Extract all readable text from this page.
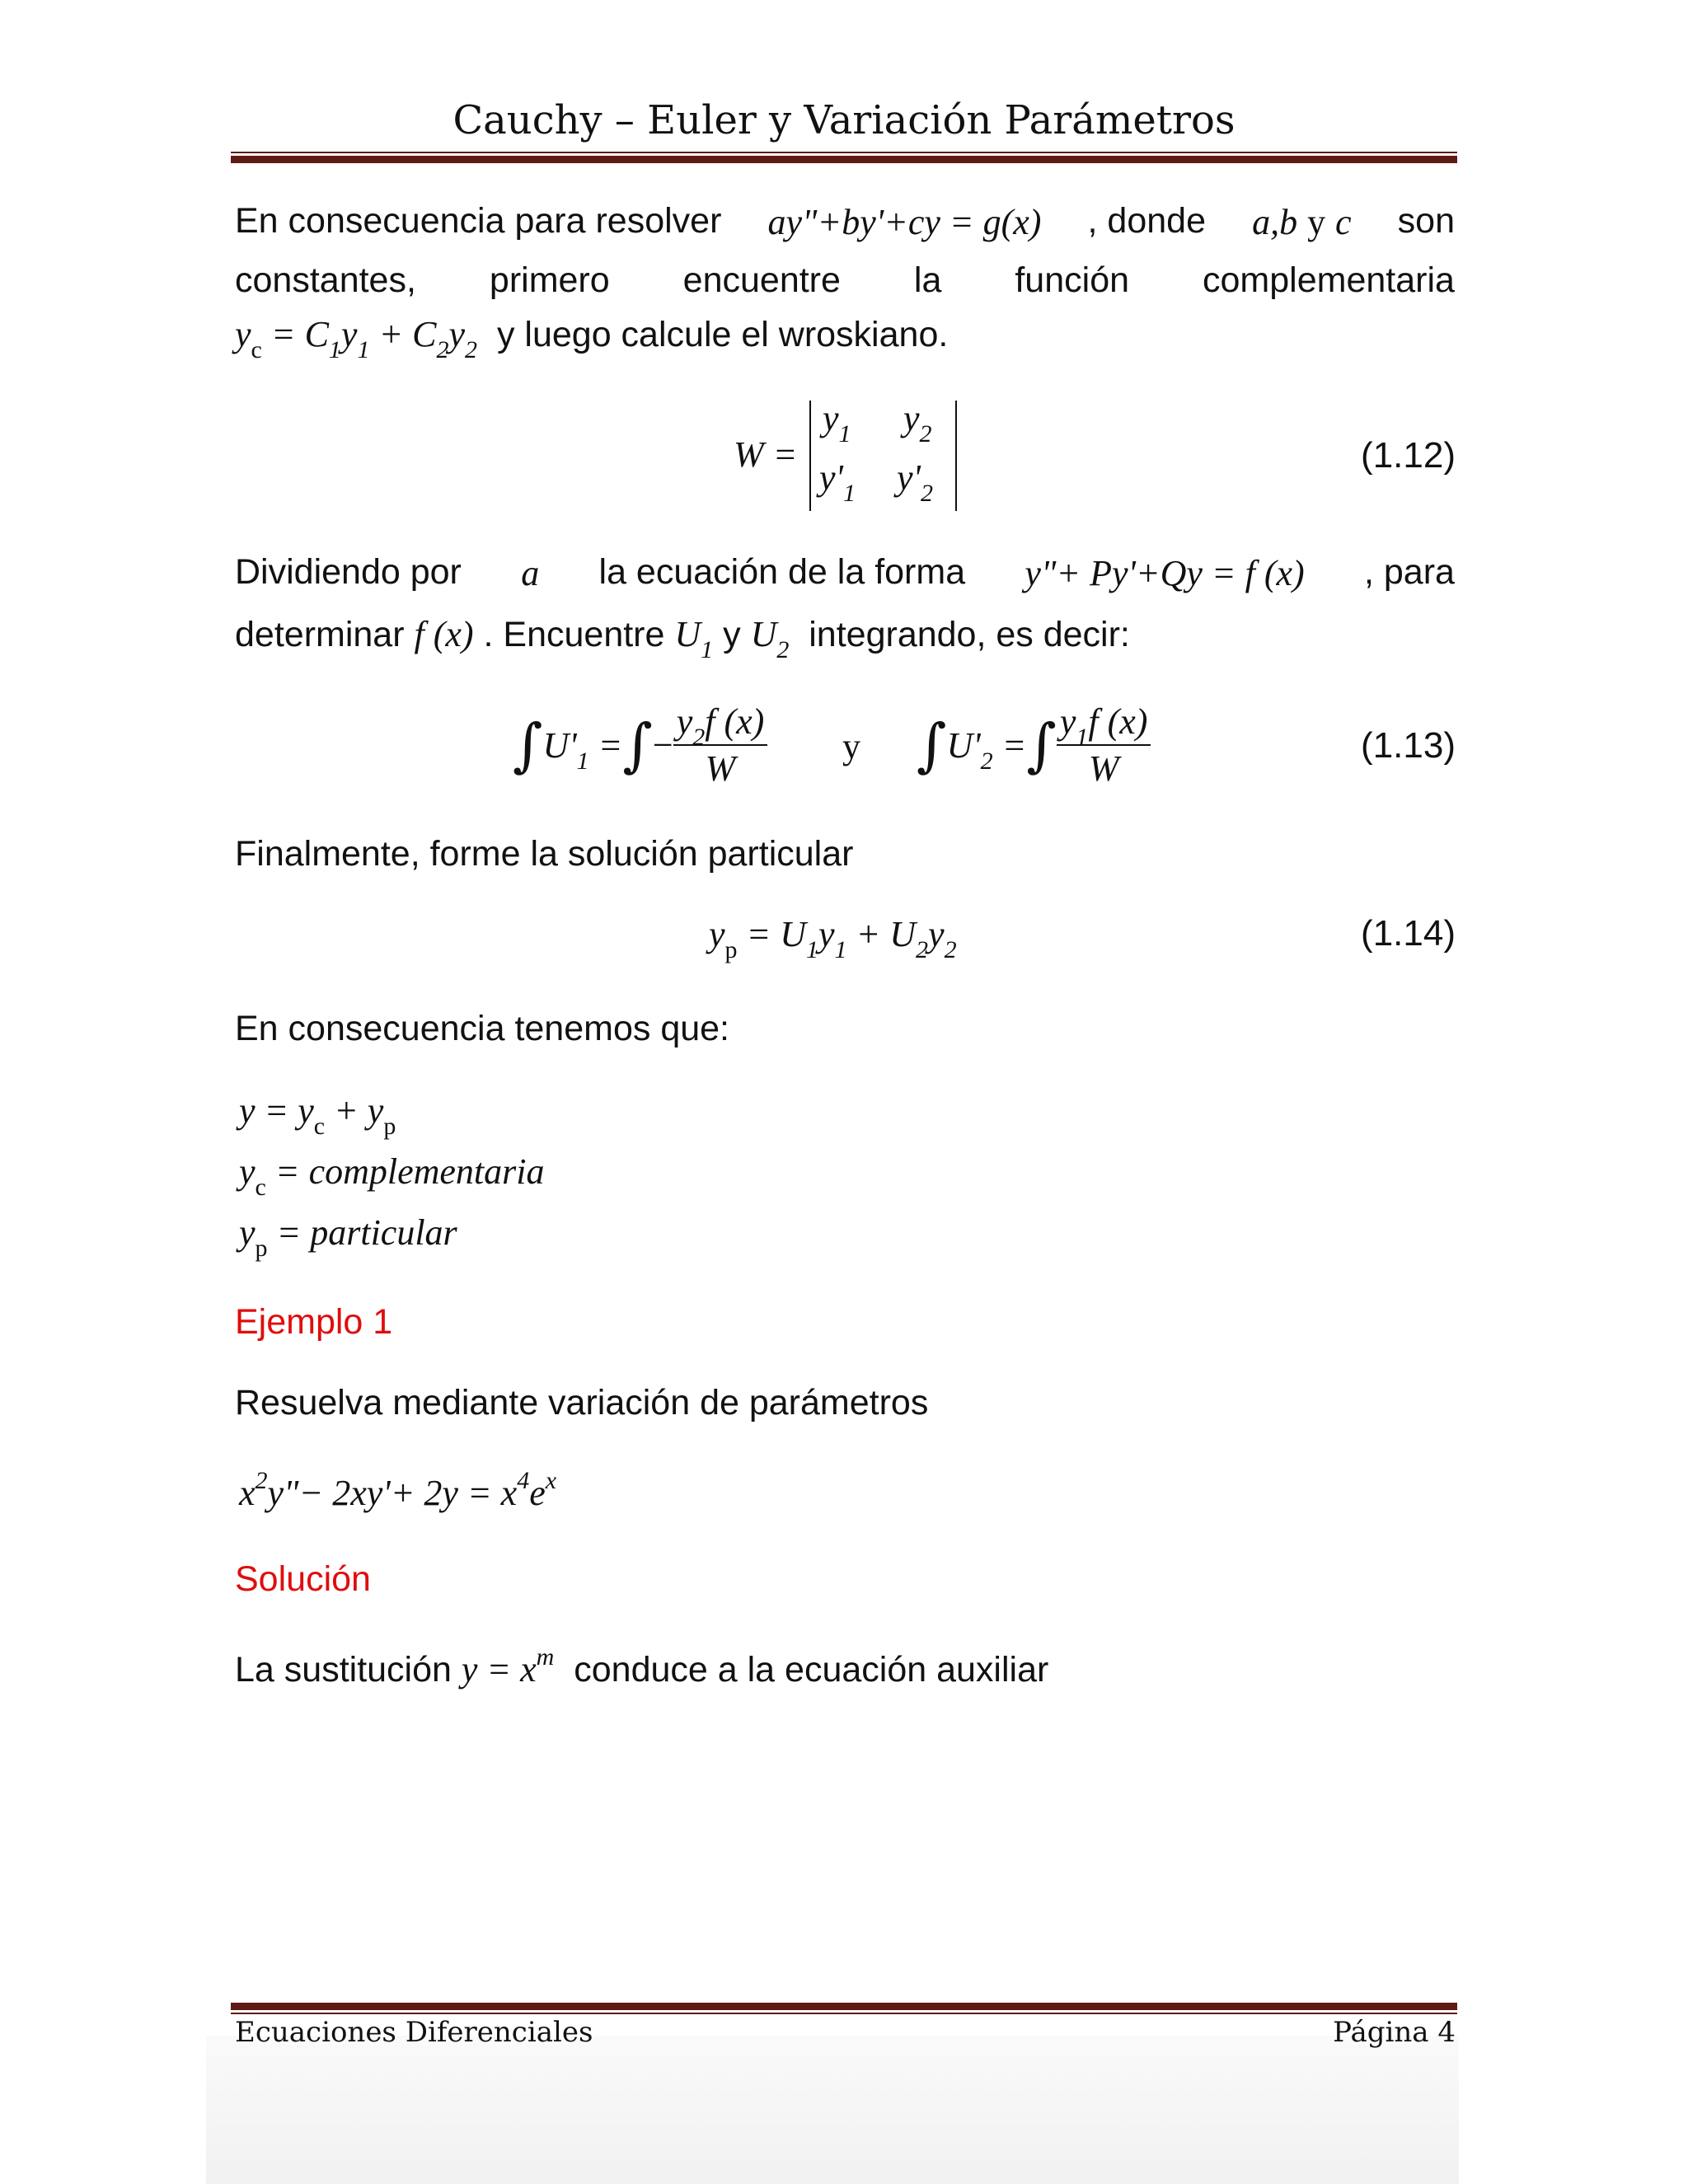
Cauchy – Euler y Variación Parámetros
En consecuencia para resolver ay"+by'+cy = g(x) , donde a,b y c son
constantes, primero encuentre la función complementaria
$y_c = C_1y_1 + C_2y_2$ y luego calcule el wroskiano.
W =
$y_1$ $y_2$
$y'_1$ $y'_2$
(1.12)
Dividiendo por a la ecuación de la forma y"+ Py'+Qy = f (x) , para
determinar f (x) . Encuentre $U_1$ y $U_2$ integrando, es decir:
$\int U'_1$ =∫− $\frac{y_2f (x)}{W}$ y $\int U'_2$ =∫ $\frac{y_1f (x)}{W}$	(1.13)
Finalmente, forme la solución particular
$y_p = U_1y_1 + U_2y_2$	(1.14)
En consecuencia tenemos que:
$y = y_c + y_p$
$y_c$ = complementaria
$y_p$ = particular
Ejemplo 1
Resuelva mediante variación de parámetros
$x^2y"- 2xy'+ 2y = x^4e^x$
Solución
La sustitución $y = x^m$ conduce a la ecuación auxiliar
Ecuaciones Diferenciales	Página 4
